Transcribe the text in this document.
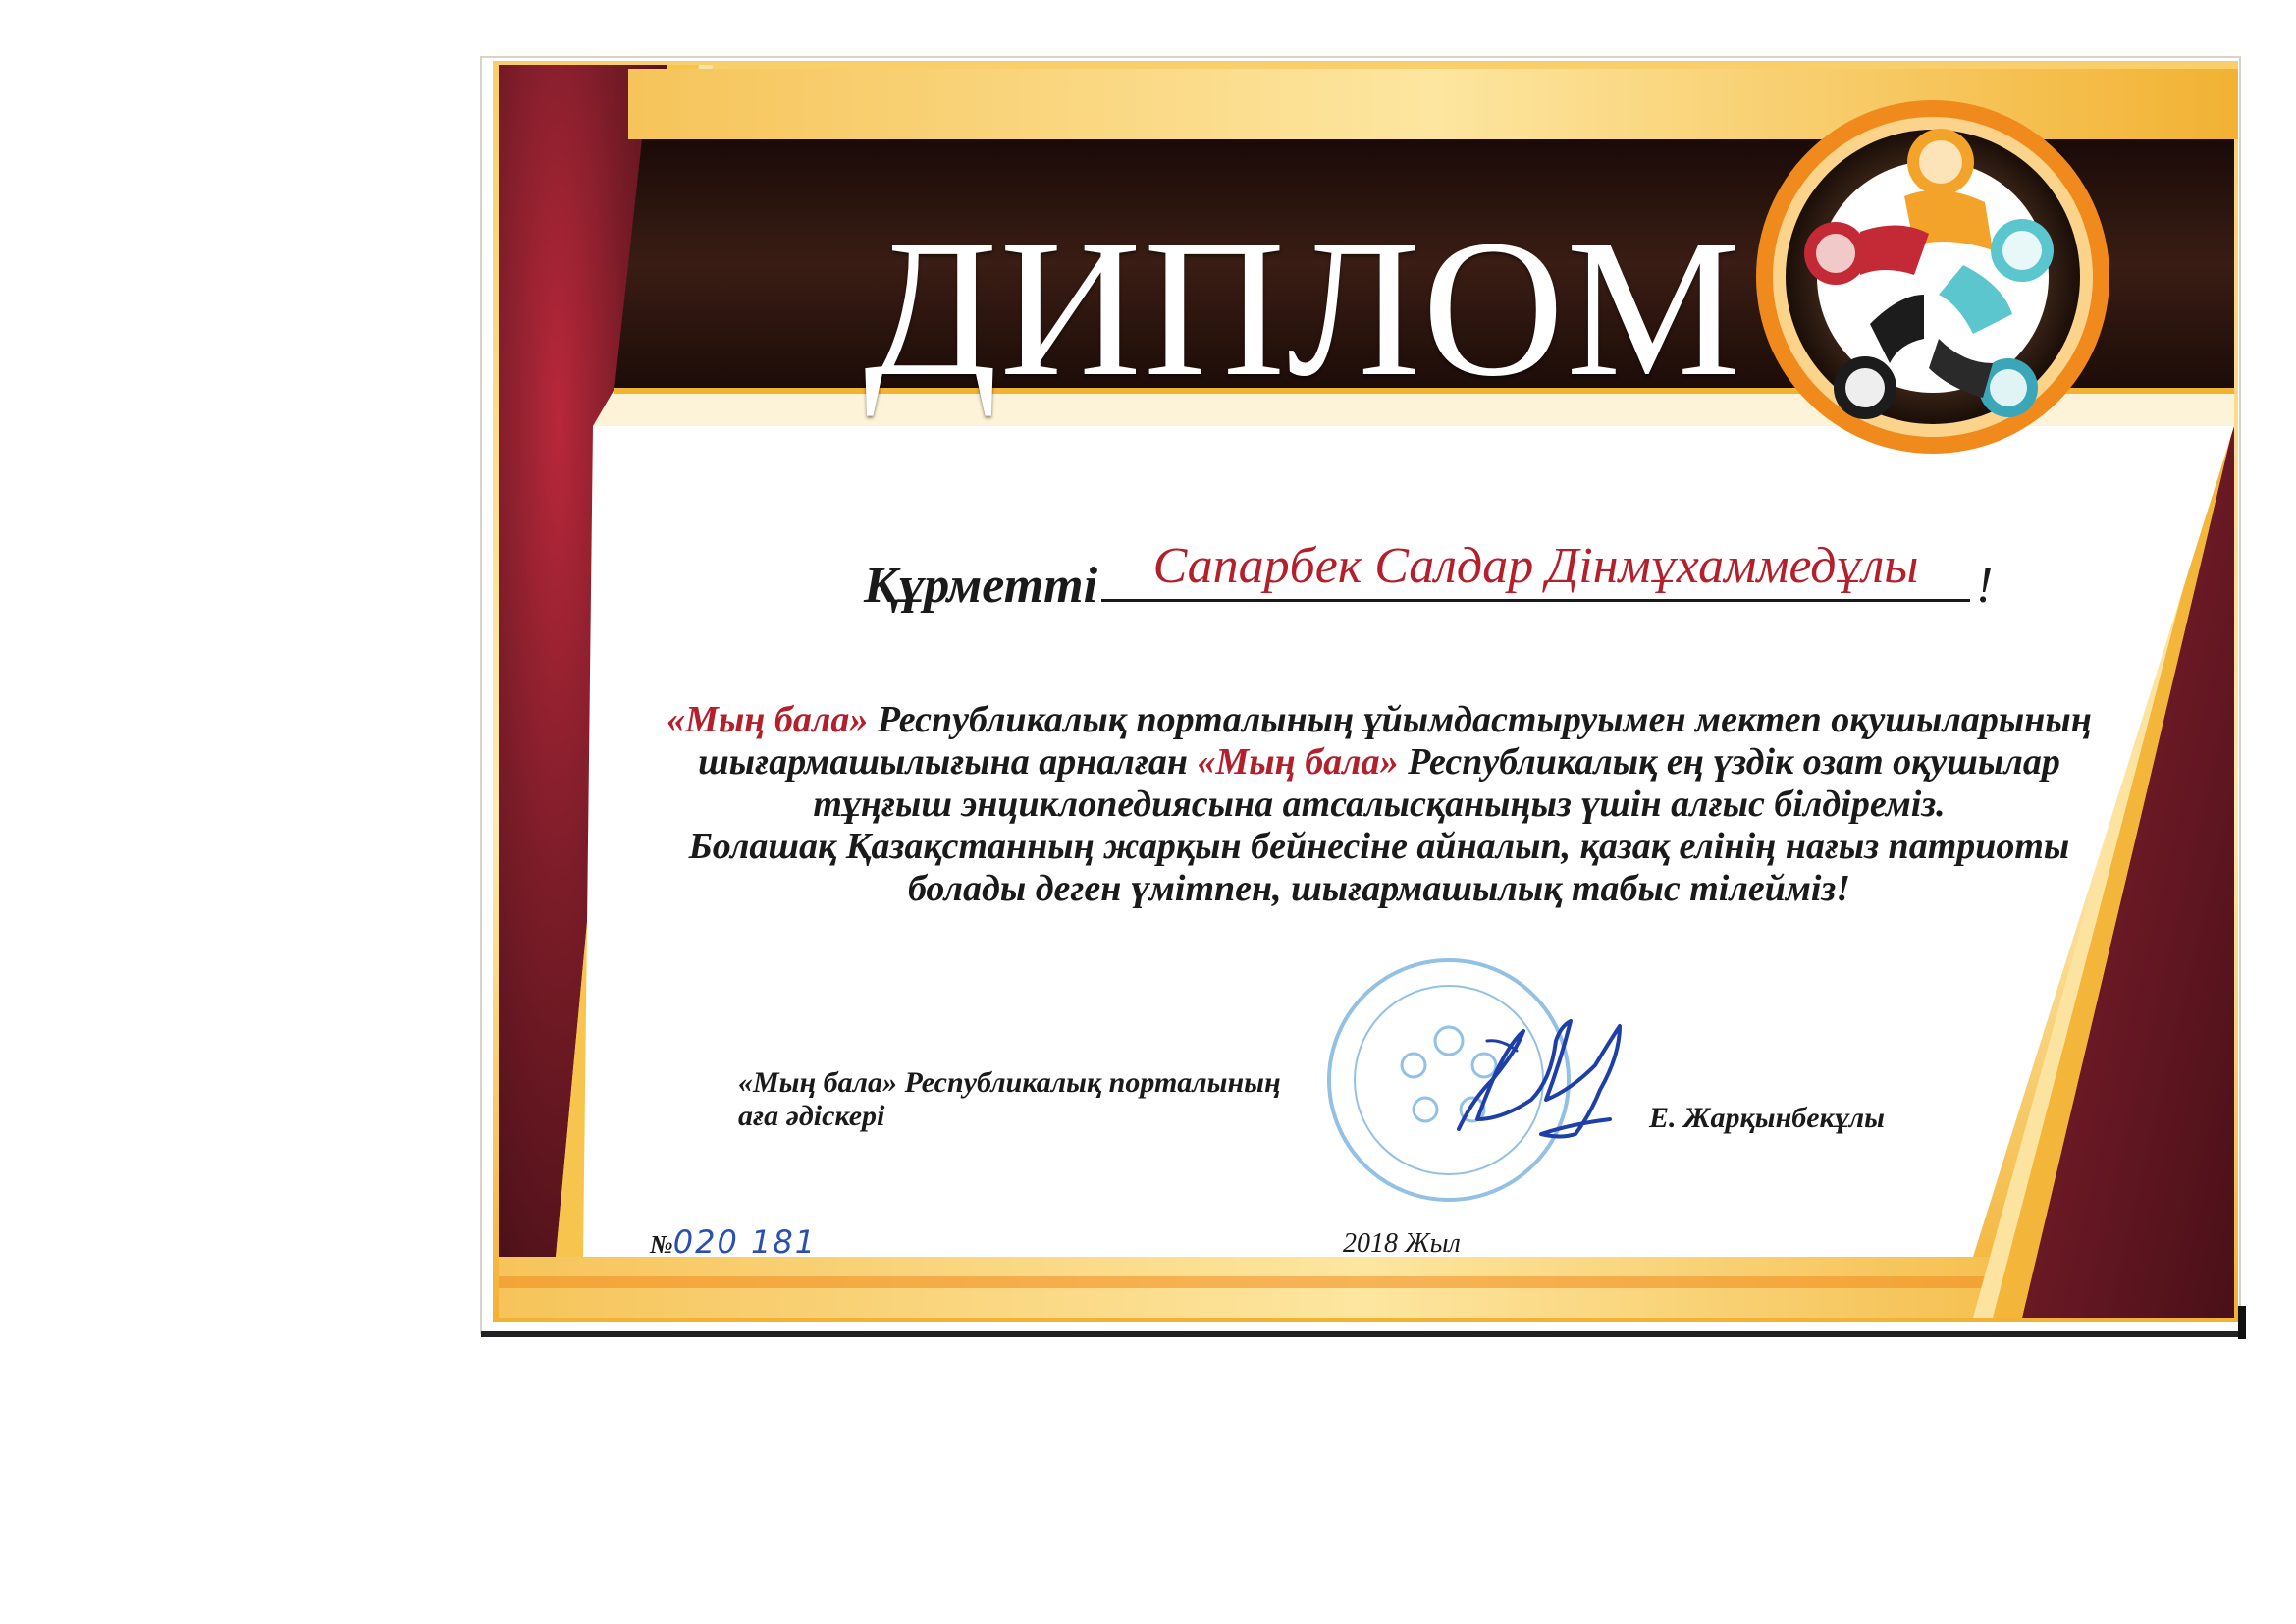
ДИПЛОМ
Құрметті	Сапарбек Салдар Дінмұхаммедұлы	!
«Мың бала» Республикалық порталының ұйымдастыруымен мектеп оқушыларының
шығармашылығына арналған «Мың бала» Республикалық ең үздік озат оқушылар
тұңғыш энциклопедиясына атсалысқаныңыз үшін алғыс білдіреміз.
Болашақ Қазақстанның жарқын бейнесіне айналып, қазақ елінің нағыз патриоты
болады деген үмітпен, шығармашылық табыс тілейміз!
«Мың бала» Республикалық порталының
аға әдіскері	Е. Жарқынбекұлы
№020 181	2018 Жыл
